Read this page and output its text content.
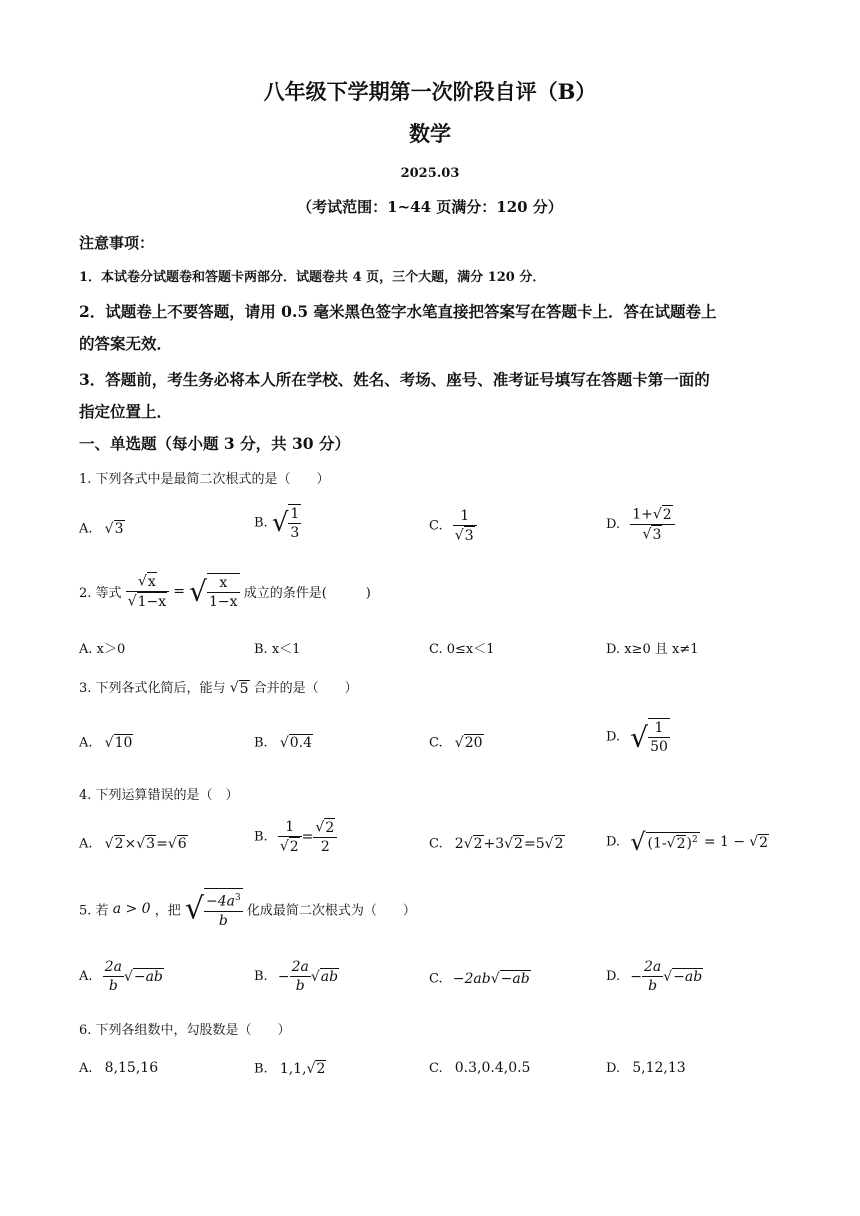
八年级下学期第一次阶段自评（B）
数学
2025.03
（考试范围：1~44 页满分：120 分）
注意事项：
1．本试卷分试题卷和答题卡两部分．试题卷共 4 页，三个大题，满分 120 分．
2．试题卷上不要答题，请用 0.5 毫米黑色签字水笔直接把答案写在答题卡上．答在试题卷上
的答案无效．
3．答题前，考生务必将本人所在学校、姓名、考场、座号、准考证号填写在答题卡第一面的
指定位置上．
一、单选题（每小题 3 分，共 30 分）
1. 下列各式中是最简二次根式的是（　　）
A. √3	B. √ $\frac{1}{3}$	C. $\frac{1}{√3}$	D. $\frac{1+√2}{√3}$
2. 等式 $\frac{√x}{√1-x}$ = √ $\frac{x}{1-x}$ 成立的条件是(　　　)
A. x＞0	B. x＜1	C. 0≤x＜1	D. x≥0 且 x≠1
3. 下列各式化简后，能与 √5 合并的是（　　）
A. √10	B. √0.4	C. √20	D. √ $\frac{1}{50}$
4. 下列运算错误的是（　）
A. √2×√3=√6	B. $\frac{1}{√2} = \frac{√2}{2}$	C. 2√2+3√2=5√2	D. √ $(1-√2)^2 = 1 - √2$
5. 若 a > 0 ，把 √ $\frac{-4a^3}{b}$ 化成最简二次根式为（　　）
A. $\frac{2a}{b} √-ab$	B. − $\frac{2a}{b} √ab$	C. −2ab√−ab	D. − $\frac{2a}{b} √-ab$
6. 下列各组数中，勾股数是（　　）
A. 8,15,16	B. 1,1,√2	C. 0.3,0.4,0.5	D. 5,12,13
